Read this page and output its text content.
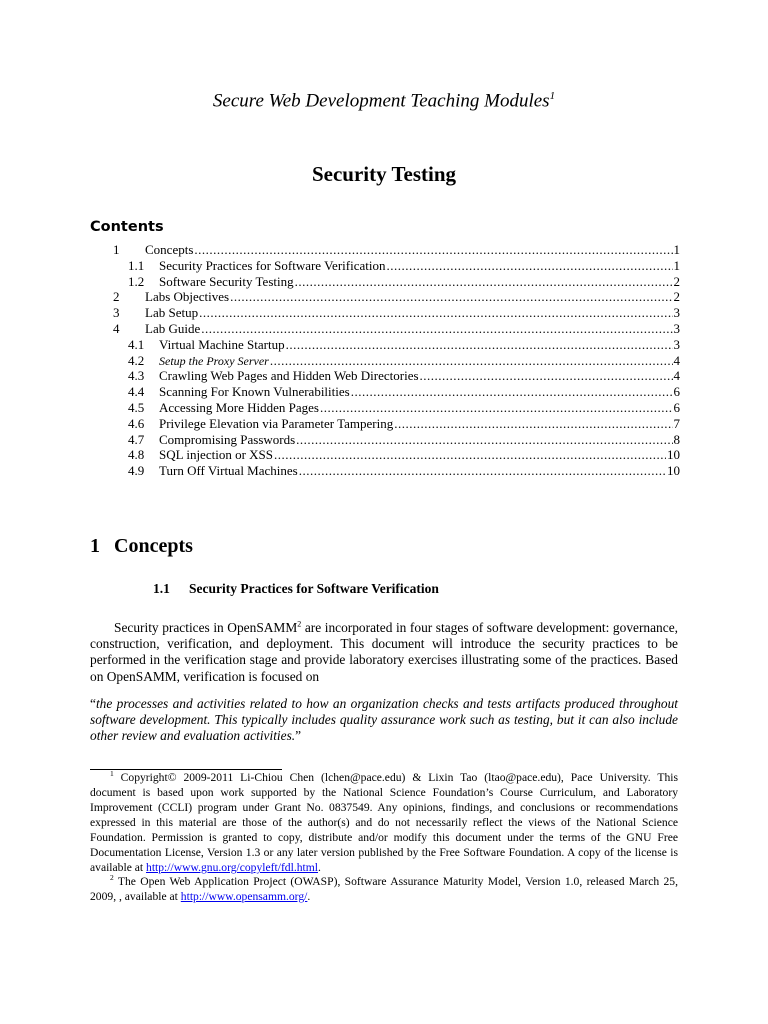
Secure Web Development Teaching Modules$^1$
Security Testing
Contents
1	Concepts .....	1
1.1	Security Practices for Software Verification .....	1
1.2	Software Security Testing .....	2
2	Labs Objectives .....	2
3	Lab Setup .....	3
4	Lab Guide .....	3
4.1	Virtual Machine Startup .....	3
4.2	Setup the Proxy Server .....	4
4.3	Crawling Web Pages and Hidden Web Directories .....	4
4.4	Scanning For Known Vulnerabilities .....	6
4.5	Accessing More Hidden Pages .....	6
4.6	Privilege Elevation via Parameter Tampering .....	7
4.7	Compromising Passwords .....	8
4.8	SQL injection or XSS .....	10
4.9	Turn Off Virtual Machines .....	10
1 Concepts
1.1 Security Practices for Software Verification
Security practices in OpenSAMM$^2$ are incorporated in four stages of software development: governance, construction, verification, and deployment. This document will introduce the security practices to be performed in the verification stage and provide laboratory exercises illustrating some of the practices. Based on OpenSAMM, verification is focused on
“the processes and activities related to how an organization checks and tests artifacts produced throughout software development. This typically includes quality assurance work such as testing, but it can also include other review and evaluation activities.”
$^1$ Copyright© 2009-2011 Li-Chiou Chen (lchen@pace.edu) & Lixin Tao (ltao@pace.edu), Pace University. This document is based upon work supported by the National Science Foundation’s Course Curriculum, and Laboratory Improvement (CCLI) program under Grant No. 0837549. Any opinions, findings, and conclusions or recommendations expressed in this material are those of the author(s) and do not necessarily reflect the views of the National Science Foundation. Permission is granted to copy, distribute and/or modify this document under the terms of the GNU Free Documentation License, Version 1.3 or any later version published by the Free Software Foundation. A copy of the license is available at http://www.gnu.org/copyleft/fdl.html.
$^2$ The Open Web Application Project (OWASP), Software Assurance Maturity Model, Version 1.0, released March 25, 2009, , available at http://www.opensamm.org/.
